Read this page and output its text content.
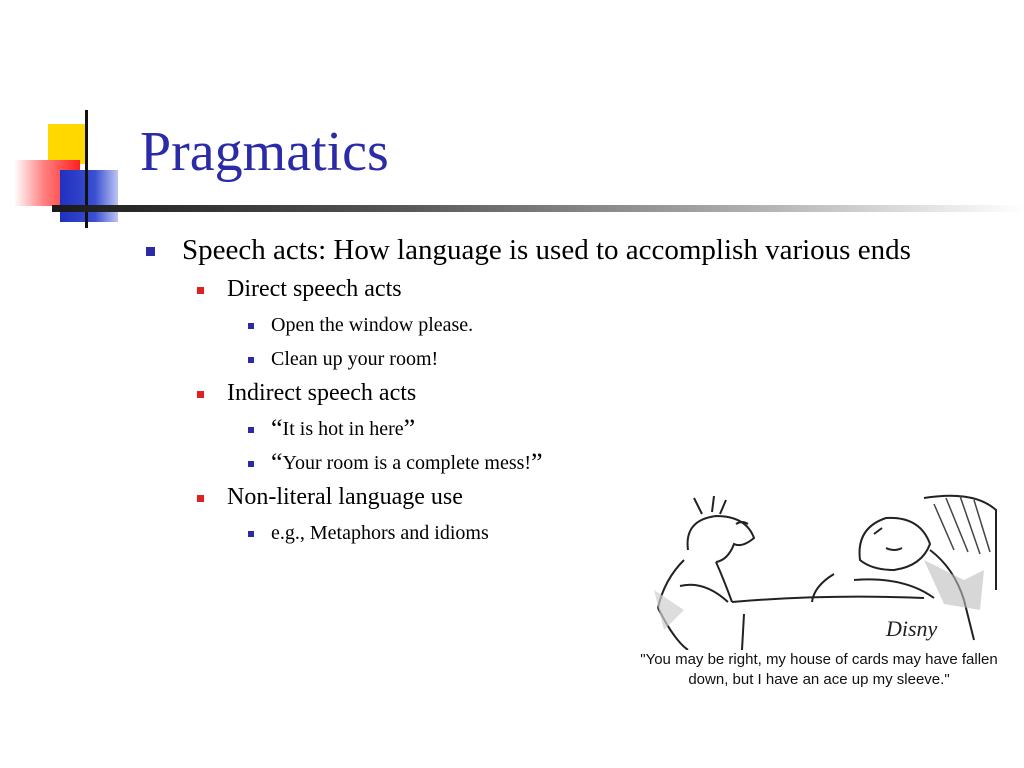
Pragmatics
Speech acts: How language is used to accomplish various ends
Direct speech acts
Open the window please.
Clean up your room!
Indirect speech acts
“It is hot in here”
“Your room is a complete mess!”
Non-literal language use
e.g., Metaphors and idioms
Disny
"You may be right, my house of cards may have fallen
down, but I have an ace up my sleeve."
